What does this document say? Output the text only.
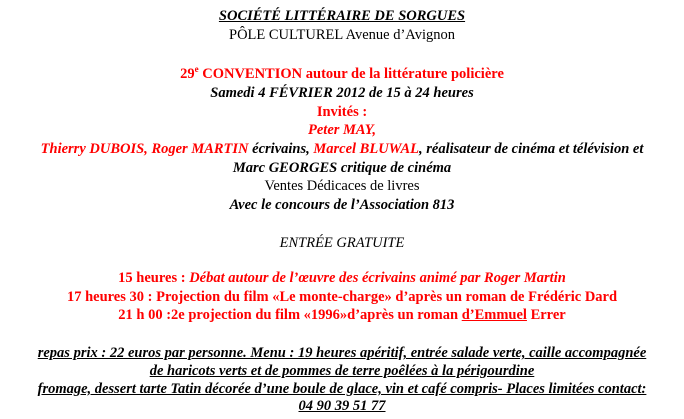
SOCIÉTÉ LITTÉRAIRE DE SORGUES
PÔLE CULTUREL Avenue d’Avignon
29e CONVENTION autour de la littérature policière
Samedi 4 FÉVRIER 2012 de 15 à 24 heures
Invités :
Peter MAY,
Thierry DUBOIS, Roger MARTIN écrivains, Marcel BLUWAL, réalisateur de cinéma et télévision et
Marc GEORGES critique de cinéma
Ventes Dédicaces de livres
Avec le concours de l’Association 813
ENTRÉE GRATUITE
15 heures : Débat autour de l’œuvre des écrivains animé par Roger Martin
17 heures 30 : Projection du film «Le monte-charge» d’après un roman de Frédéric Dard
21 h 00 :2e projection du film «1996»d’après un roman d’Emmuel Errer
repas prix : 22 euros par personne. Menu : 19 heures apéritif, entrée salade verte, caille accompagnée
de haricots verts et de pommes de terre poêlées à la périgourdine
fromage, dessert tarte Tatin décorée d’une boule de glace, vin et café compris- Places limitées contact:
04 90 39 51 77
